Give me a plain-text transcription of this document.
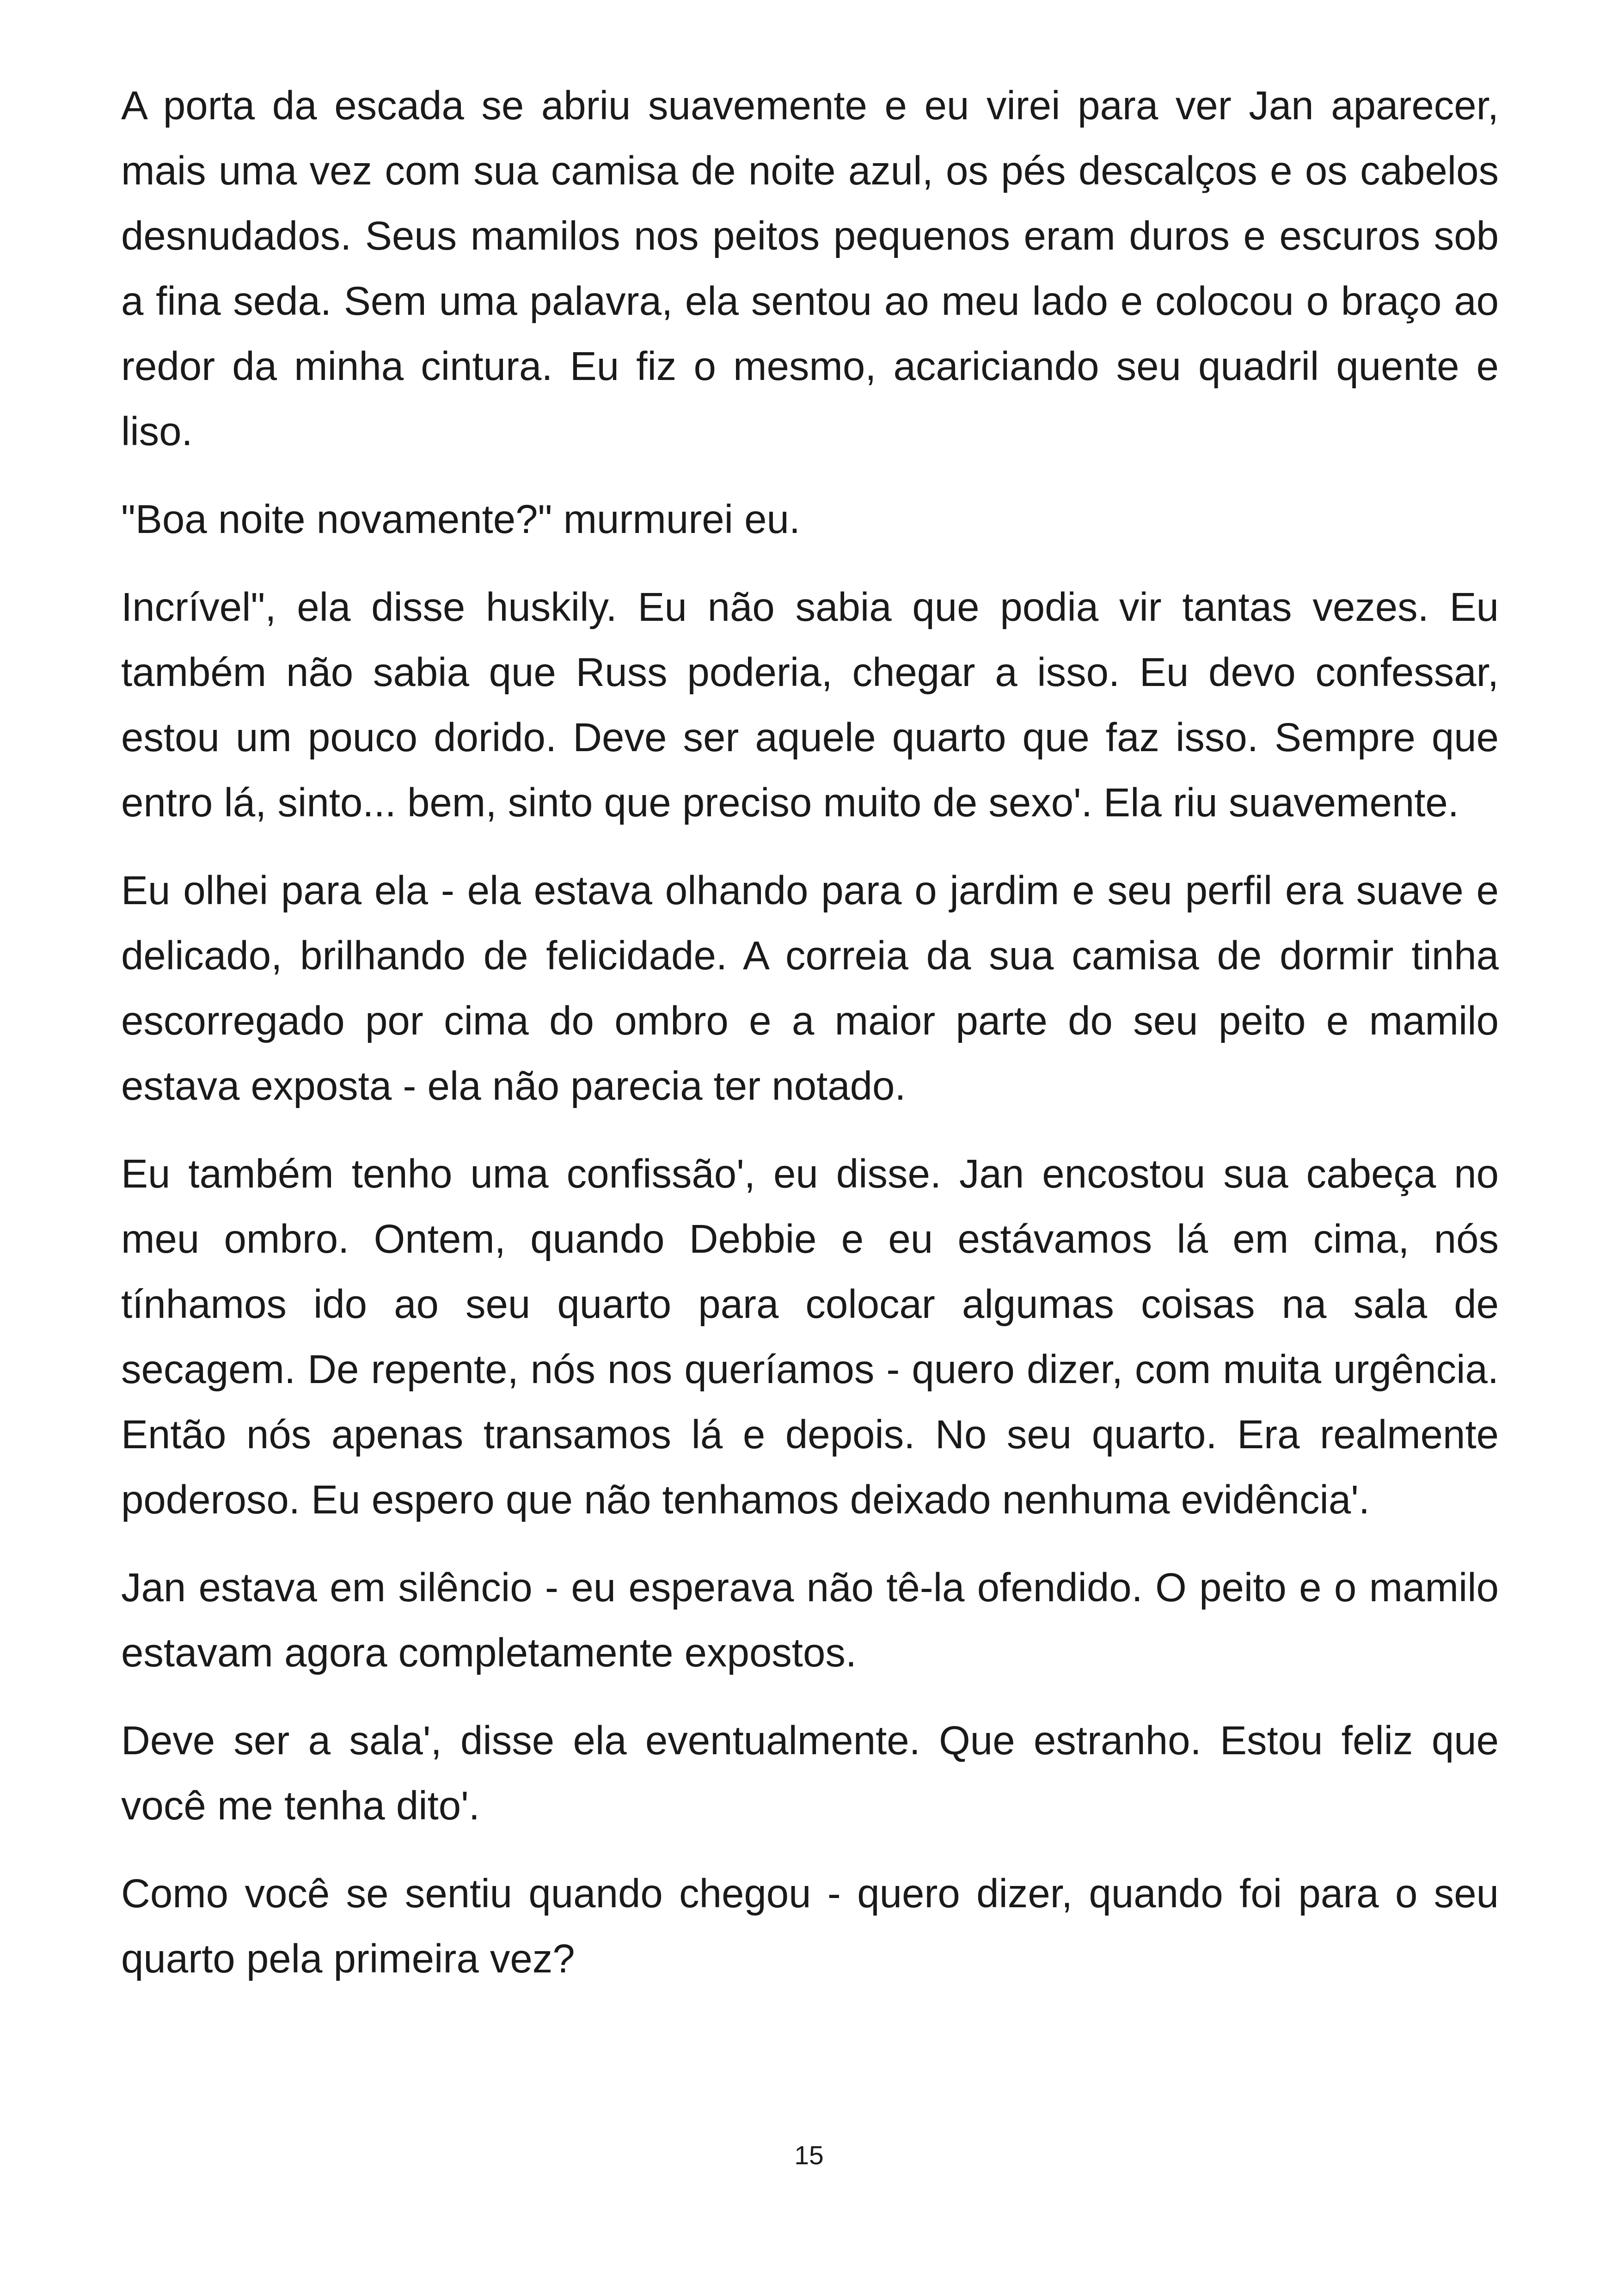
A porta da escada se abriu suavemente e eu virei para ver Jan aparecer, mais uma vez com sua camisa de noite azul, os pés descalços e os cabelos desnudados. Seus mamilos nos peitos pequenos eram duros e escuros sob a fina seda. Sem uma palavra, ela sentou ao meu lado e colocou o braço ao redor da minha cintura. Eu fiz o mesmo, acariciando seu quadril quente e liso.

"Boa noite novamente?" murmurei eu.

Incrível", ela disse huskily. Eu não sabia que podia vir tantas vezes. Eu também não sabia que Russ poderia, chegar a isso. Eu devo confessar, estou um pouco dorido. Deve ser aquele quarto que faz isso. Sempre que entro lá, sinto... bem, sinto que preciso muito de sexo'. Ela riu suavemente.

Eu olhei para ela - ela estava olhando para o jardim e seu perfil era suave e delicado, brilhando de felicidade. A correia da sua camisa de dormir tinha escorregado por cima do ombro e a maior parte do seu peito e mamilo estava exposta - ela não parecia ter notado.

Eu também tenho uma confissão', eu disse. Jan encostou sua cabeça no meu ombro. Ontem, quando Debbie e eu estávamos lá em cima, nós tínhamos ido ao seu quarto para colocar algumas coisas na sala de secagem. De repente, nós nos queríamos - quero dizer, com muita urgência. Então nós apenas transamos lá e depois. No seu quarto. Era realmente poderoso. Eu espero que não tenhamos deixado nenhuma evidência'.

Jan estava em silêncio - eu esperava não tê-la ofendido. O peito e o mamilo estavam agora completamente expostos.

Deve ser a sala', disse ela eventualmente. Que estranho. Estou feliz que você me tenha dito'.

Como você se sentiu quando chegou - quero dizer, quando foi para o seu quarto pela primeira vez?

15
